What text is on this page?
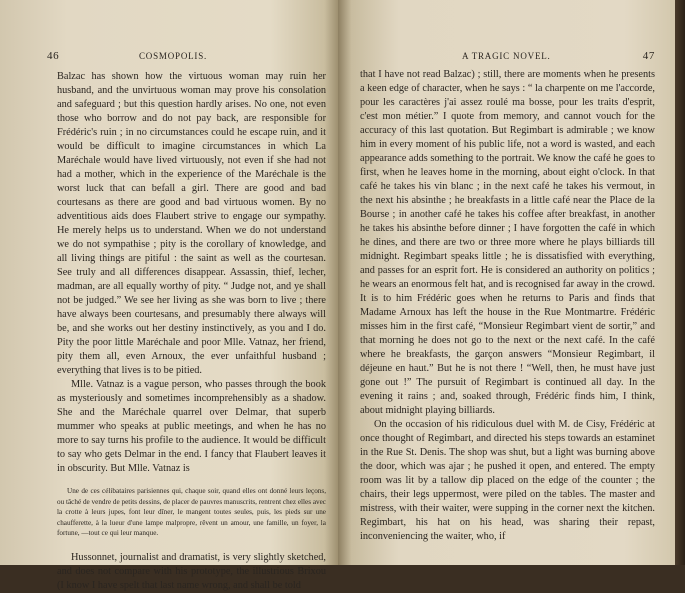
46	COSMOPOLIS.

Balzac has shown how the virtuous woman may ruin her husband, and the unvirtuous woman may prove his consolation and safeguard ; but this question hardly arises. No one, not even those who borrow and do not pay back, are responsible for Frédéric's ruin ; in no circumstances could he escape ruin, and it would be difficult to imagine circumstances in which La Maréchale would have lived virtuously, not even if she had not had a mother, which in the experience of the Maréchale is the worst luck that can befall a girl. There are good and bad courtesans as there are good and bad virtuous women. By no adventitious aids does Flaubert strive to engage our sympathy. He merely helps us to understand. When we do not understand we do not sympathise ; pity is the corollary of knowledge, and all living things are pitiful : the saint as well as the courtesan. See truly and all differences disappear. Assassin, thief, lecher, madman, are all equally worthy of pity. “ Judge not, and ye shall not be judged.” We see her living as she was born to live ; there have always been courtesans, and presumably there always will be, and she works out her destiny instinctively, as you and I do. Pity the poor little Maréchale and poor Mlle. Vatnaz, her friend, pity them all, even Arnoux, the ever unfaithful husband ; everything that lives is to be pitied.

Mlle. Vatnaz is a vague person, who passes through the book as mysteriously and sometimes incomprehensibly as a shadow. She and the Maréchale quarrel over Delmar, that superb mummer who speaks at public meetings, and when he has no more to say turns his profile to the audience. It would be difficult to say who gets Delmar in the end. I fancy that Flaubert leaves it in obscurity. But Mlle. Vatnaz is

Une de ces célibataires parisiennes qui, chaque soir, quand elles ont donné leurs leçons, ou tâché de vendre de petits dessins, de placer de pauvres manuscrits, rentrent chez elles avec la crotte à leurs jupes, font leur dîner, le mangent toutes seules, puis, les pieds sur une chaufferette, à la lueur d'une lampe malpropre, rêvent un amour, une famille, un foyer, la fortune, —tout ce qui leur manque.

Hussonnet, journalist and dramatist, is very slightly sketched, and does not compare with his prototype, the illustrious Brixou (I know I have spelt that last name wrong, and shall be told

A TRAGIC NOVEL.	47

that I have not read Balzac) ; still, there are moments when he presents a keen edge of character, when he says : “ la charpente on me l'accorde, pour les caractères j'ai assez roulé ma bosse, pour les traits d'esprit, c'est mon métier.” I quote from memory, and cannot vouch for the accuracy of this last quotation. But Regimbart is admirable ; we know him in every moment of his public life, not a word is wasted, and each appearance adds something to the portrait. We know the café he goes to first, when he leaves home in the morning, about eight o'clock. In that café he takes his vin blanc ; in the next café he takes his vermout, in the next his absinthe ; he breakfasts in a little café near the Place de la Bourse ; in another café he takes his coffee after breakfast, in another he takes his absinthe before dinner ; I have forgotten the café in which he dines, and there are two or three more where he plays billiards till midnight. Regimbart speaks little ; he is dissatisfied with everything, and passes for an esprit fort. He is considered an authority on politics ; he wears an enormous felt hat, and is recognised far away in the crowd. It is to him Frédéric goes when he returns to Paris and finds that Madame Arnoux has left the house in the Rue Montmartre. Frédéric misses him in the first café, “Monsieur Regimbart vient de sortir,” and that morning he does not go to the next or the next café. In the café where he breakfasts, the garçon answers “Monsieur Regimbart, il déjeune en haut.” But he is not there ! “Well, then, he must have just gone out !” The pursuit of Regimbart is continued all day. In the evening it rains ; and, soaked through, Frédéric finds him, I think, about midnight playing billiards.

On the occasion of his ridiculous duel with M. de Cisy, Frédéric at once thought of Regimbart, and directed his steps towards an estaminet in the Rue St. Denis. The shop was shut, but a light was burning above the door, which was ajar ; he pushed it open, and entered. The empty room was lit by a tallow dip placed on the edge of the counter ; the chairs, their legs uppermost, were piled on the tables. The master and mistress, with their waiter, were supping in the corner next the kitchen. Regimbart, his hat on his head, was sharing their repast, inconveniencing the waiter, who, if
